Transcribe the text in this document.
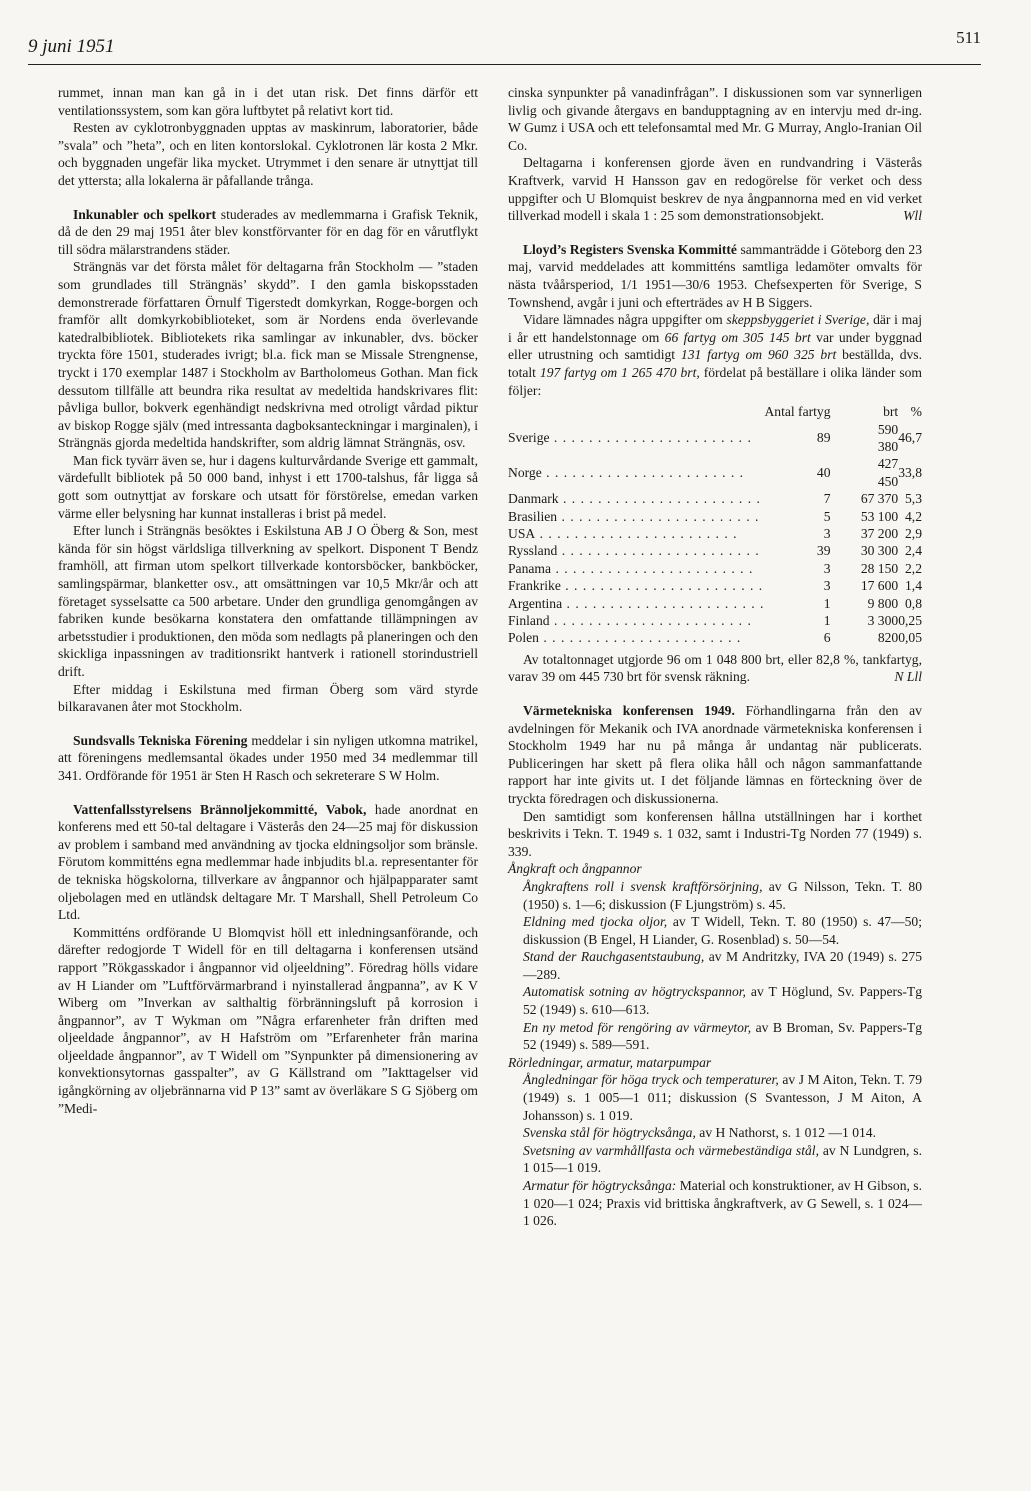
9 juni 1951	511

rummet, innan man kan gå in i det utan risk. Det finns därför ett ventilationssystem, som kan göra luftbytet på relativt kort tid.

Resten av cyklotronbyggnaden upptas av maskinrum, laboratorier, både ”svala” och ”heta”, och en liten kontorslokal. Cyklotronen lär kosta 2 Mkr. och byggnaden ungefär lika mycket. Utrymmet i den senare är utnyttjat till det yttersta; alla lokalerna är påfallande trånga.

Inkunabler och spelkort studerades av medlemmarna i Grafisk Teknik, då de den 29 maj 1951 åter blev konstförvanter för en dag för en vårutflykt till södra mälarstrandens städer.

Strängnäs var det första målet för deltagarna från Stockholm — ”staden som grundlades till Strängnäs’ skydd”. I den gamla biskopsstaden demonstrerade författaren Örnulf Tigerstedt domkyrkan, Rogge-borgen och framför allt domkyrkobiblioteket, som är Nordens enda överlevande katedralbibliotek. Bibliotekets rika samlingar av inkunabler, dvs. böcker tryckta före 1501, studerades ivrigt; bl.a. fick man se Missale Strengnense, tryckt i 170 exemplar 1487 i Stockholm av Bartholomeus Gothan. Man fick dessutom tillfälle att beundra rika resultat av medeltida handskrivares flit: påvliga bullor, bokverk egenhändigt nedskrivna med otroligt vårdad piktur av biskop Rogge själv (med intressanta dagboksanteckningar i marginalen), i Strängnäs gjorda medeltida handskrifter, som aldrig lämnat Strängnäs, osv.

Man fick tyvärr även se, hur i dagens kulturvårdande Sverige ett gammalt, värdefullt bibliotek på 50 000 band, inhyst i ett 1700-talshus, får ligga så gott som outnyttjat av forskare och utsatt för förstörelse, emedan varken värme eller belysning har kunnat installeras i brist på medel.

Efter lunch i Strängnäs besöktes i Eskilstuna AB J O Öberg & Son, mest kända för sin högst världsliga tillverkning av spelkort. Disponent T Bendz framhöll, att firman utom spelkort tillverkade kontorsböcker, bankböcker, samlingspärmar, blanketter osv., att omsättningen var 10,5 Mkr/år och att företaget sysselsatte ca 500 arbetare. Under den grundliga genomgången av fabriken kunde besökarna konstatera den omfattande tillämpningen av arbetsstudier i produktionen, den möda som nedlagts på planeringen och den skickliga inpassningen av traditionsrikt hantverk i rationell storindustriell drift.

Efter middag i Eskilstuna med firman Öberg som värd styrde bilkaravanen åter mot Stockholm.

Sundsvalls Tekniska Förening meddelar i sin nyligen utkomna matrikel, att föreningens medlemsantal ökades under 1950 med 34 medlemmar till 341. Ordförande för 1951 är Sten H Rasch och sekreterare S W Holm.

Vattenfallsstyrelsens Brännoljekommitté, Vabok, hade anordnat en konferens med ett 50-tal deltagare i Västerås den 24—25 maj för diskussion av problem i samband med användning av tjocka eldningsoljor som bränsle. Förutom kommitténs egna medlemmar hade inbjudits bl.a. representanter för de tekniska högskolorna, tillverkare av ångpannor och hjälpapparater samt oljebolagen med en utländsk deltagare Mr. T Marshall, Shell Petroleum Co Ltd.

Kommitténs ordförande U Blomqvist höll ett inledningsanförande, och därefter redogjorde T Widell för en till deltagarna i konferensen utsänd rapport ”Rökgasskador i ångpannor vid oljeeldning”. Föredrag hölls vidare av H Liander om ”Luftförvärmarbrand i nyinstallerad ångpanna”, av K V Wiberg om ”Inverkan av salthaltig förbränningsluft på korrosion i ångpannor”, av T Wykman om ”Några erfarenheter från driften med oljeeldade ångpannor”, av H Hafström om ”Erfarenheter från marina oljeeldade ångpannor”, av T Widell om ”Synpunkter på dimensionering av konvektionsytornas gasspalter”, av G Källstrand om ”Iakttagelser vid igångkörning av oljebrännarna vid P 13” samt av överläkare S G Sjöberg om ”Medi-

cinska synpunkter på vanadinfrågan”. I diskussionen som var synnerligen livlig och givande återgavs en bandupptagning av en intervju med dr-ing. W Gumz i USA och ett telefonsamtal med Mr. G Murray, Anglo-Iranian Oil Co.

Deltagarna i konferensen gjorde även en rundvandring i Västerås Kraftverk, varvid H Hansson gav en redogörelse för verket och dess uppgifter och U Blomquist beskrev de nya ångpannorna med en vid verket tillverkad modell i skala 1 : 25 som demonstrationsobjekt.	Wll

Lloyd’s Registers Svenska Kommitté sammanträdde i Göteborg den 23 maj, varvid meddelades att kommitténs samtliga ledamöter omvalts för nästa tvåårsperiod, 1/1 1951—30/6 1953. Chefsexperten för Sverige, S Townshend, avgår i juni och efterträdes av H B Siggers.

Vidare lämnades några uppgifter om skeppsbyggeriet i Sverige, där i maj i år ett handelstonnage om 66 fartyg om 305 145 brt var under byggnad eller utrustning och samtidigt 131 fartyg om 960 325 brt beställda, dvs. totalt 197 fartyg om 1 265 470 brt, fördelat på beställare i olika länder som följer:

	Antal fartyg	brt	%
Sverige . . .	89	590 380	46,7
Norge . . .	40	427 450	33,8
Danmark . . .	7	67 370	5,3
Brasilien . . .	5	53 100	4,2
USA . . .	3	37 200	2,9
Ryssland . . .	39	30 300	2,4
Panama . . .	3	28 150	2,2
Frankrike . . .	3	17 600	1,4
Argentina . . .	1	9 800	0,8
Finland . . .	1	3 300	0,25
Polen . . .	6	820	0,05

Av totaltonnaget utgjorde 96 om 1 048 800 brt, eller 82,8 %, tankfartyg, varav 39 om 445 730 brt för svensk räkning.	N Lll

Värmetekniska konferensen 1949. Förhandlingarna från den av avdelningen för Mekanik och IVA anordnade värmetekniska konferensen i Stockholm 1949 har nu på många år undantag när publicerats. Publiceringen har skett på flera olika håll och någon sammanfattande rapport har inte givits ut. I det följande lämnas en förteckning över de tryckta föredragen och diskussionerna.

Den samtidigt som konferensen hållna utställningen har i korthet beskrivits i Tekn. T. 1949 s. 1 032, samt i Industri-Tg Norden 77 (1949) s. 339.

Ångkraft och ångpannor

Ångkraftens roll i svensk kraftförsörjning, av G Nilsson, Tekn. T. 80 (1950) s. 1—6; diskussion (F Ljungström) s. 45.

Eldning med tjocka oljor, av T Widell, Tekn. T. 80 (1950) s. 47—50; diskussion (B Engel, H Liander, G. Rosenblad) s. 50—54.

Stand der Rauchgasentstaubung, av M Andritzky, IVA 20 (1949) s. 275—289.

Automatisk sotning av högtryckspannor, av T Höglund, Sv. Pappers-Tg 52 (1949) s. 610—613.

En ny metod för rengöring av värmeytor, av B Broman, Sv. Pappers-Tg 52 (1949) s. 589—591.

Rörledningar, armatur, matarpumpar

Ångledningar för höga tryck och temperaturer, av J M Aiton, Tekn. T. 79 (1949) s. 1 005—1 011; diskussion (S Svantesson, J M Aiton, A Johansson) s. 1 019.

Svenska stål för högtrycksånga, av H Nathorst, s. 1 012 —1 014.

Svetsning av varmhållfasta och värmebeständiga stål, av N Lundgren, s. 1 015—1 019.

Armatur för högtrycksånga: Material och konstruktioner, av H Gibson, s. 1 020—1 024; Praxis vid brittiska ångkraftverk, av G Sewell, s. 1 024—1 026.
